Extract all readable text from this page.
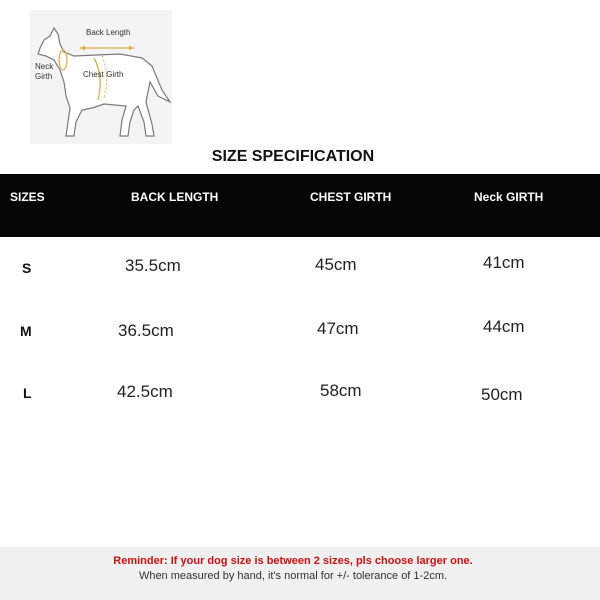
Back Length
Neck
Girth	Chest Girth
SIZE SPECIFICATION
SIZES	BACK LENGTH	CHEST GIRTH	Neck GIRTH
S	35.5cm	45cm	41cm
M	36.5cm	47cm	44cm
L	42.5cm	58cm	50cm
Reminder: If your dog size is between 2 sizes, pls choose larger one.
When measured by hand, it's normal for +/- tolerance of 1-2cm.
